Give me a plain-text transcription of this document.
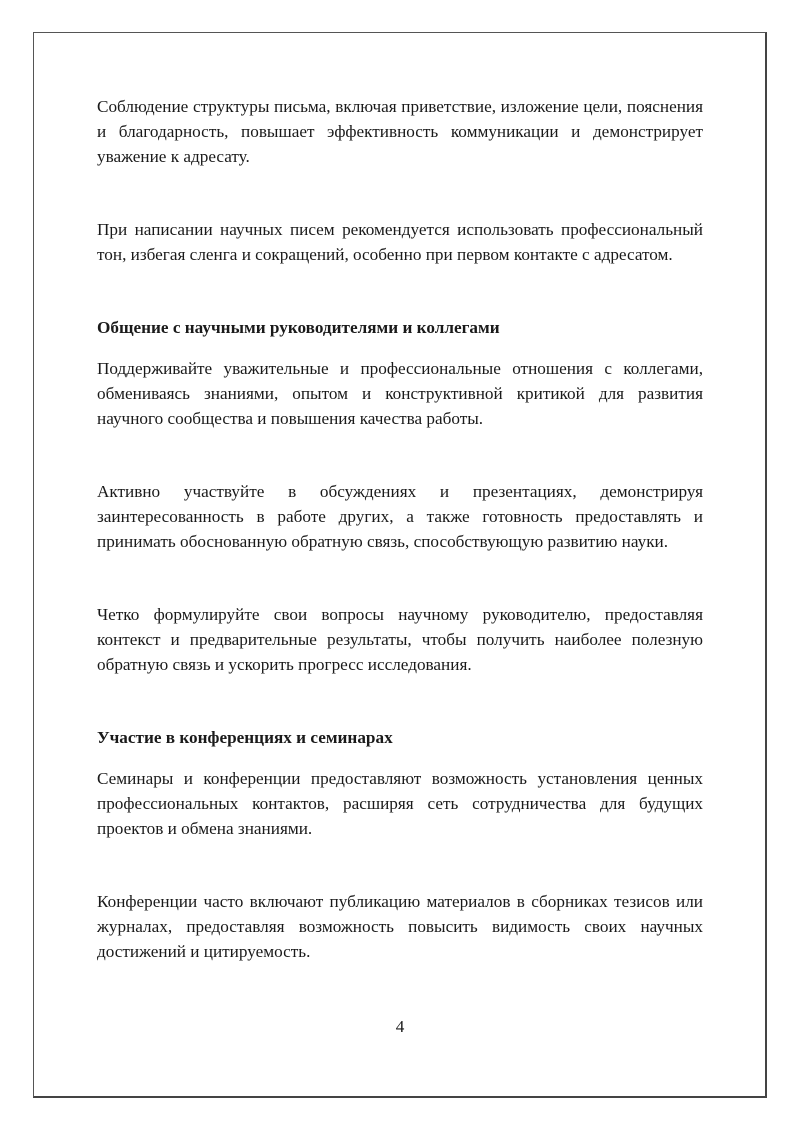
Соблюдение структуры письма, включая приветствие, изложение цели, пояснения и благодарность, повышает эффективность коммуникации и демонстрирует уважение к адресату.

При написании научных писем рекомендуется использовать профессиональный тон, избегая сленга и сокращений, особенно при первом контакте с адресатом.

Общение с научными руководителями и коллегами

Поддерживайте уважительные и профессиональные отношения с коллегами, обмениваясь знаниями, опытом и конструктивной критикой для развития научного сообщества и повышения качества работы.

Активно участвуйте в обсуждениях и презентациях, демонстрируя заинтересованность в работе других, а также готовность предоставлять и принимать обоснованную обратную связь, способствующую развитию науки.

Четко формулируйте свои вопросы научному руководителю, предоставляя контекст и предварительные результаты, чтобы получить наиболее полезную обратную связь и ускорить прогресс исследования.

Участие в конференциях и семинарах

Семинары и конференции предоставляют возможность установления ценных профессиональных контактов, расширяя сеть сотрудничества для будущих проектов и обмена знаниями.

Конференции часто включают публикацию материалов в сборниках тезисов или журналах, предоставляя возможность повысить видимость своих научных достижений и цитируемость.

4
